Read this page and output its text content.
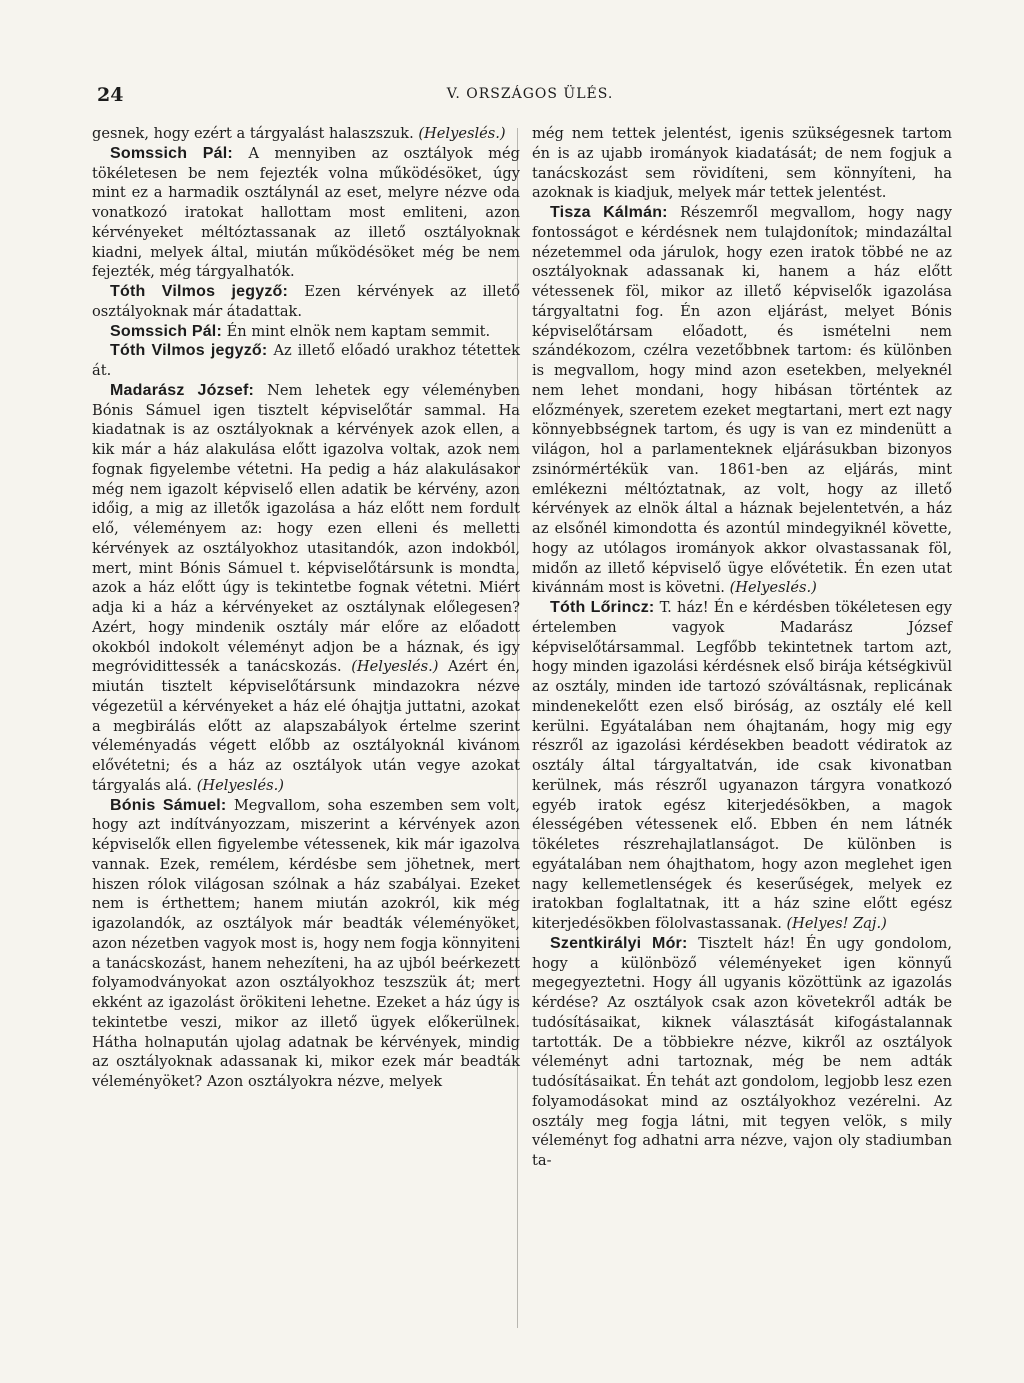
24	V. ORSZÁGOS ÜLÉS.

gesnek, hogy ezért a tárgyalást halaszszuk. (Helyeslés.)

Somssich Pál: A mennyiben az osztályok még tökéletesen be nem fejezték volna működésöket, úgy mint ez a harmadik osztálynál az eset, melyre nézve oda vonatkozó iratokat hallottam most emliteni, azon kérvényeket méltóztassanak az illető osztályoknak kiadni, melyek által, miután működésöket még be nem fejezték, még tárgyalhatók.

Tóth Vilmos jegyző: Ezen kérvények az illető osztályoknak már átadattak.

Somssich Pál: Én mint elnök nem kaptam semmit.

Tóth Vilmos jegyző: Az illető előadó urakhoz tétettek át.

Madarász József: Nem lehetek egy véleményben Bónis Sámuel igen tisztelt képviselőtár sammal. Ha kiadatnak is az osztályoknak a kérvények azok ellen, a kik már a ház alakulása előtt igazolva voltak, azok nem fognak figyelembe vétetni. Ha pedig a ház alakulásakor még nem igazolt képviselő ellen adatik be kérvény, azon időig, a mig az illetők igazolása a ház előtt nem fordult elő, véleményem az: hogy ezen elleni és melletti kérvények az osztályokhoz utasitandók, azon indokból, mert, mint Bónis Sámuel t. képviselőtársunk is mondta, azok a ház előtt úgy is tekintetbe fognak vétetni. Miért adja ki a ház a kérvényeket az osztálynak előlegesen? Azért, hogy mindenik osztály már előre az előadott okokból indokolt véleményt adjon be a háznak, és igy megróvidittessék a tanácskozás. (Helyeslés.) Azért én, miután tisztelt képviselőtársunk mindazokra nézve végezetül a kérvényeket a ház elé óhajtja juttatni, azokat a megbirálás előtt az alapszabályok értelme szerint véleményadás végett előbb az osztályoknál kivánom elővétetni; és a ház az osztályok után vegye azokat tárgyalás alá. (Helyeslés.)

Bónis Sámuel: Megvallom, soha eszemben sem volt, hogy azt indítványozzam, miszerint a kérvények azon képviselők ellen figyelembe vétessenek, kik már igazolva vannak. Ezek, remélem, kérdésbe sem jöhetnek, mert hiszen rólok világosan szólnak a ház szabályai. Ezeket nem is érthettem; hanem miután azokról, kik még igazolandók, az osztályok már beadták véleményöket, azon nézetben vagyok most is, hogy nem fogja könnyiteni a tanácskozást, hanem nehezíteni, ha az ujból beérkezett folyamodványokat azon osztályokhoz teszszük át; mert ekként az igazolást örökiteni lehetne. Ezeket a ház úgy is tekintetbe veszi, mikor az illető ügyek előkerülnek. Hátha holnapután ujolag adatnak be kérvények, mindig az osztályoknak adassanak ki, mikor ezek már beadták véleményöket? Azon osztályokra nézve, melyek

még nem tettek jelentést, igenis szükségesnek tartom én is az ujabb irományok kiadatását; de nem fogjuk a tanácskozást sem rövidíteni, sem könnyíteni, ha azoknak is kiadjuk, melyek már tettek jelentést.

Tisza Kálmán: Részemről megvallom, hogy nagy fontosságot e kérdésnek nem tulajdonítok; mindazáltal nézetemmel oda járulok, hogy ezen iratok többé ne az osztályoknak adassanak ki, hanem a ház előtt vétessenek föl, mikor az illető képviselők igazolása tárgyaltatni fog. Én azon eljárást, melyet Bónis képviselőtársam előadott, és ismételni nem szándékozom, czélra vezetőbbnek tartom: és különben is megvallom, hogy mind azon esetekben, melyeknél nem lehet mondani, hogy hibásan történtek az előzmények, szeretem ezeket megtartani, mert ezt nagy könnyebbségnek tartom, és ugy is van ez mindenütt a világon, hol a parlamenteknek eljárásukban bizonyos zsinórmértékük van. 1861-ben az eljárás, mint emlékezni méltóztatnak, az volt, hogy az illető kérvények az elnök által a háznak bejelentetvén, a ház az elsőnél kimondotta és azontúl mindegyiknél követte, hogy az utólagos irományok akkor olvastassanak föl, midőn az illető képviselő ügye elővétetik. Én ezen utat kivánnám most is követni. (Helyeslés.)

Tóth Lőrincz: T. ház! Én e kérdésben tökéletesen egy értelemben vagyok Madarász József képviselőtársammal. Legfőbb tekintetnek tartom azt, hogy minden igazolási kérdésnek első birája kétségkivül az osztály, minden ide tartozó szóváltásnak, replicának mindenekelőtt ezen első biróság, az osztály elé kell kerülni. Egyátalában nem óhajtanám, hogy mig egy részről az igazolási kérdésekben beadott védiratok az osztály által tárgyaltatván, ide csak kivonatban kerülnek, más részről ugyanazon tárgyra vonatkozó egyéb iratok egész kiterjedésökben, a magok élességében vétessenek elő. Ebben én nem látnék tökéletes részrehajlatlanságot. De különben is egyátalában nem óhajthatom, hogy azon meglehet igen nagy kellemetlenségek és keserűségek, melyek ez iratokban foglaltatnak, itt a ház szine előtt egész kiterjedésökben fölolvastassanak. (Helyes! Zaj.)

Szentkirályi Mór: Tisztelt ház! Én ugy gondolom, hogy a különböző véleményeket igen könnyű megegyeztetni. Hogy áll ugyanis közöttünk az igazolás kérdése? Az osztályok csak azon követekről adták be tudósításaikat, kiknek választását kifogástalannak tartották. De a többiekre nézve, kikről az osztályok véleményt adni tartoznak, még be nem adták tudósításaikat. Én tehát azt gondolom, legjobb lesz ezen folyamodásokat mind az osztályokhoz vezérelni. Az osztály meg fogja látni, mit tegyen velök, s mily véleményt fog adhatni arra nézve, vajon oly stadiumban ta-
